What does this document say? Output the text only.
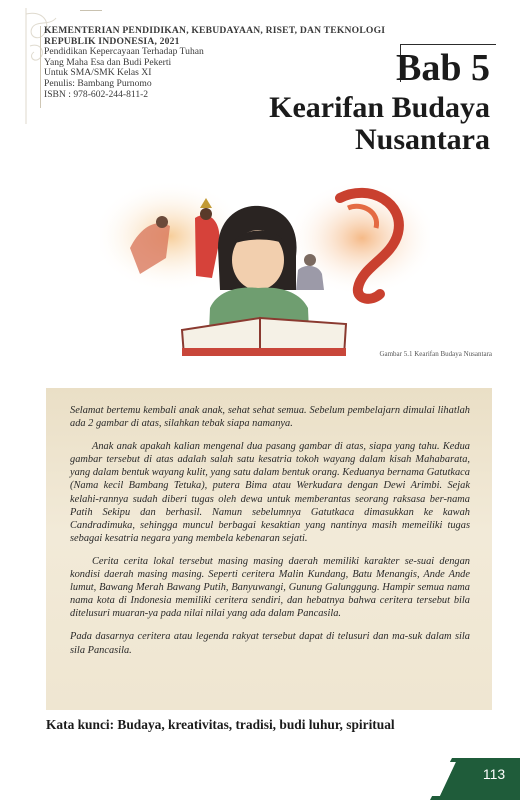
KEMENTERIAN PENDIDIKAN, KEBUDAYAAN, RISET, DAN TEKNOLOGI
REPUBLIK INDONESIA, 2021
Pendidikan Kepercayaan Terhadap Tuhan
Yang Maha Esa dan Budi Pekerti
Untuk SMA/SMK Kelas XI
Penulis: Bambang Purnomo
ISBN : 978-602-244-811-2
Bab 5
Kearifan Budaya
Nusantara
Gambar 5.1 Kearifan Budaya Nusantara

Selamat bertemu kembali anak anak, sehat sehat semua. Sebelum pembelajarn dimulai lihatlah ada 2 gambar di atas, silahkan tebak siapa namanya.

Anak anak apakah kalian mengenal dua pasang gambar di atas, siapa yang tahu. Kedua gambar tersebut di atas adalah salah satu kesatria tokoh wayang dalam kisah Mahabarata, yang dalam bentuk wayang kulit, yang satu dalam bentuk orang. Keduanya bernama Gatutkaca (Nama kecil Bambang Tetuka), putera Bima atau Werkudara dengan Dewi Arimbi. Sejak kelahi-rannya sudah diberi tugas oleh dewa untuk memberantas seorang raksasa ber-nama Patih Sekipu dan berhasil. Namun sebelumnya Gatutkaca dimasukkan ke kawah Candradimuka, sehingga muncul berbagai kesaktian yang nantinya masih memeiliki tugas sebagai kesatria negara yang membela kebenaran sejati.

Cerita cerita lokal tersebut masing masing daerah memiliki karakter se-suai dengan kondisi daerah masing masing. Seperti ceritera Malin Kundang, Batu Menangis, Ande Ande lumut, Bawang Merah Bawang Putih, Banyuwangi, Gunung Galunggung. Hampir semua nama nama kota di Indonesia memiliki ceritera sendiri, dan hebatnya bahwa ceritera tersebut bila ditelusuri muaran-ya pada nilai nilai yang ada dalam Pancasila.

Pada dasarnya ceritera atau legenda rakyat tersebut dapat di telusuri dan ma-suk dalam sila sila Pancasila.

Kata kunci: Budaya, kreativitas, tradisi, budi luhur, spiritual
113
